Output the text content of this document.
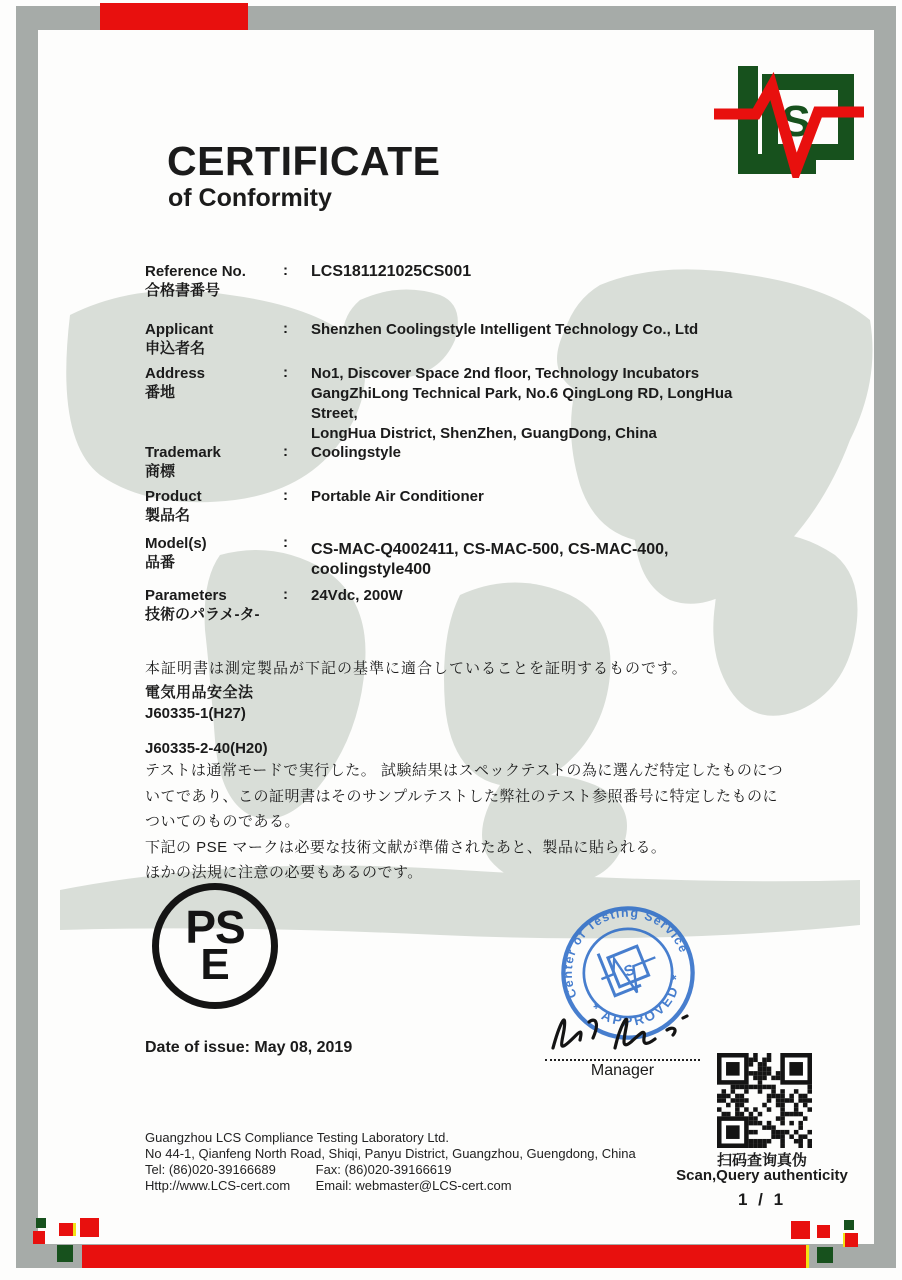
S
CERTIFICATE
of Conformity
Reference No.
合格書番号
:	LCS181121025CS001
Applicant
申込者名
:	Shenzhen Coolingstyle Intelligent Technology Co., Ltd
Address
番地
:	No1, Discover Space 2nd floor, Technology Incubators
GangZhiLong Technical Park, No.6 QingLong RD, LongHua Street,
LongHua District, ShenZhen, GuangDong, China
Trademark
商標
:	Coolingstyle
Product
製品名
:	Portable Air Conditioner
Model(s)
品番
:	CS-MAC-Q4002411, CS-MAC-500, CS-MAC-400, coolingstyle400
Parameters
技術のパラメ-タ-
:	24Vdc, 200W
本証明書は測定製品が下記の基準に適合していることを証明するものです。
電気用品安全法
J60335-1(H27)
J60335-2-40(H20)
テストは通常モードで実行した。 試験結果はスペックテストの為に選んだ特定したものにつ
いてであり、この証明書はそのサンプルテストした弊社のテスト参照番号に特定したものに
ついてのものである。
下記の PSE マークは必要な技術文献が準備されたあと、製品に貼られる。
ほかの法規に注意の必要もあるのです。
PS
E
Date of issue: May 08, 2019
Center of Testing Service
* APPROVED *
S
Manager
扫码查询真伪
Scan,Query authenticity
1 / 1
Guangzhou LCS Compliance Testing Laboratory Ltd.
No 44-1, Qianfeng North Road, Shiqi, Panyu District, Guangzhou, Guengdong, China
Tel: (86)020-39166689	Fax: (86)020-39166619
Http://www.LCS-cert.com Email: webmaster@LCS-cert.com
